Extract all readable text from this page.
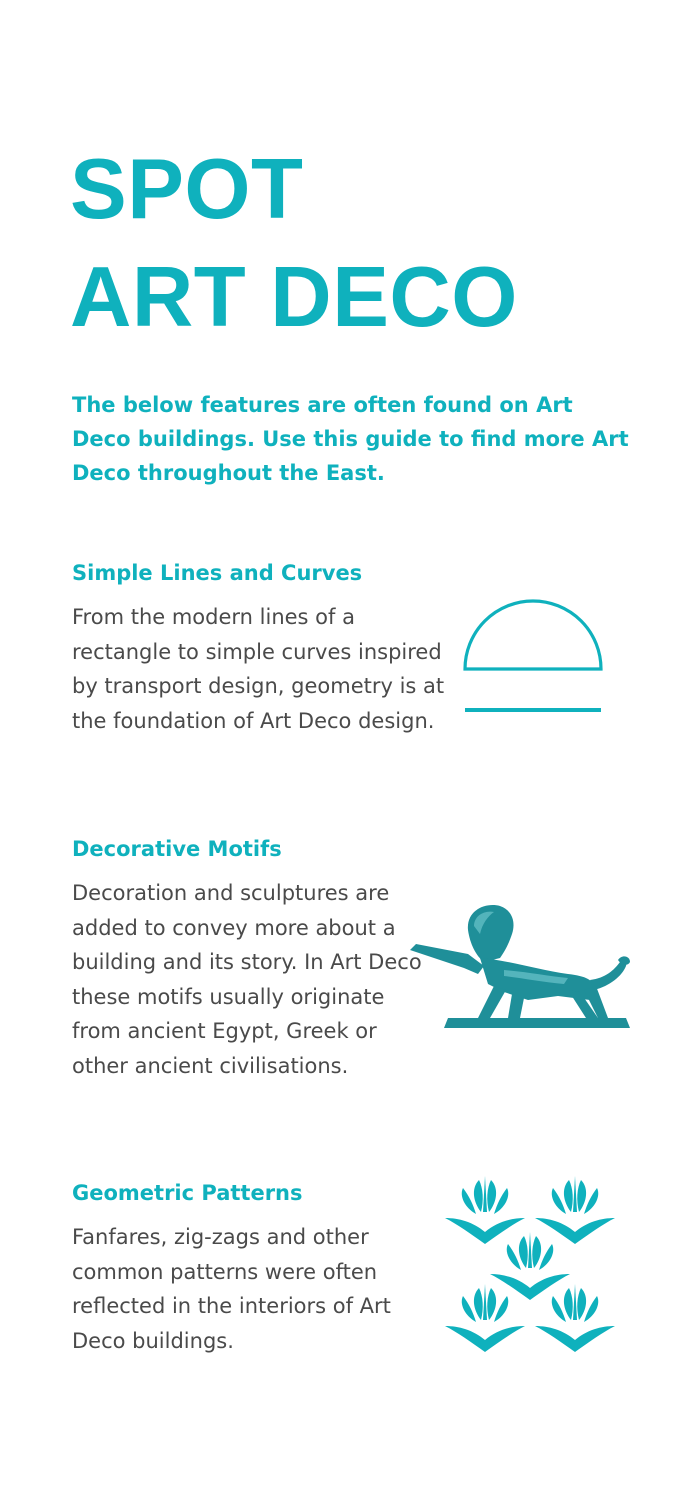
SPOT
ART DECO

The below features are often found on Art Deco buildings. Use this guide to find more Art Deco throughout the East.

Simple Lines and Curves

From the modern lines of a rectangle to simple curves inspired by transport design, geometry is at the foundation of Art Deco design.

Decorative Motifs

Decoration and sculptures are added to convey more about a building and its story. In Art Deco these motifs usually originate from ancient Egypt, Greek or other ancient civilisations.

Geometric Patterns

Fanfares, zig-zags and other common patterns were often reflected in the interiors of Art Deco buildings.
